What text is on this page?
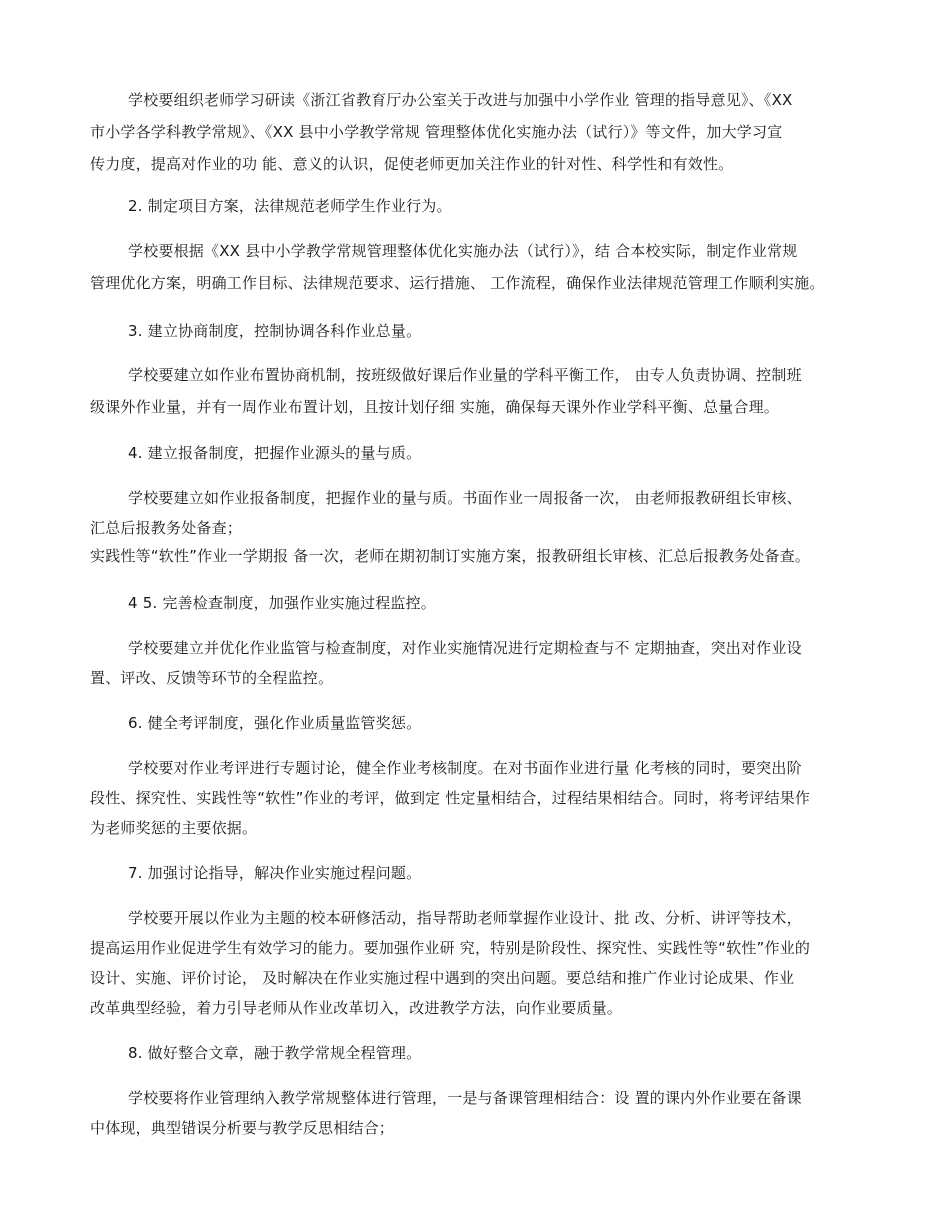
学校要组织老师学习研读《浙江省教育厅办公室关于改进与加强中小学作业 管理的指导意见》、《XX
市小学各学科教学常规》、《XX 县中小学教学常规 管理整体优化实施办法（试行）》等文件，加大学习宣
传力度，提高对作业的功 能、意义的认识，促使老师更加关注作业的针对性、科学性和有效性。
2. 制定项目方案，法律规范老师学生作业行为。
学校要根据《XX 县中小学教学常规管理整体优化实施办法（试行）》，结 合本校实际，制定作业常规
管理优化方案，明确工作目标、法律规范要求、运行措施、 工作流程，确保作业法律规范管理工作顺利实施。
3. 建立协商制度，控制协调各科作业总量。
学校要建立如作业布置协商机制，按班级做好课后作业量的学科平衡工作， 由专人负责协调、控制班
级课外作业量，并有一周作业布置计划，且按计划仔细 实施，确保每天课外作业学科平衡、总量合理。
4. 建立报备制度，把握作业源头的量与质。
学校要建立如作业报备制度，把握作业的量与质。书面作业一周报备一次， 由老师报教研组长审核、
汇总后报教务处备查；
实践性等“软性”作业一学期报 备一次，老师在期初制订实施方案，报教研组长审核、汇总后报教务处备查。
4 5. 完善检查制度，加强作业实施过程监控。
学校要建立并优化作业监管与检查制度，对作业实施情况进行定期检查与不 定期抽查，突出对作业设
置、评改、反馈等环节的全程监控。
6. 健全考评制度，强化作业质量监管奖惩。
学校要对作业考评进行专题讨论，健全作业考核制度。在对书面作业进行量 化考核的同时，要突出阶
段性、探究性、实践性等“软性”作业的考评，做到定 性定量相结合，过程结果相结合。同时，将考评结果作
为老师奖惩的主要依据。
7. 加强讨论指导，解决作业实施过程问题。
学校要开展以作业为主题的校本研修活动，指导帮助老师掌握作业设计、批 改、分析、讲评等技术，
提高运用作业促进学生有效学习的能力。要加强作业研 究，特别是阶段性、探究性、实践性等“软性”作业的
设计、实施、评价讨论， 及时解决在作业实施过程中遇到的突出问题。要总结和推广作业讨论成果、作业
改革典型经验，着力引导老师从作业改革切入，改进教学方法，向作业要质量。
8. 做好整合文章，融于教学常规全程管理。
学校要将作业管理纳入教学常规整体进行管理，一是与备课管理相结合：设 置的课内外作业要在备课
中体现，典型错误分析要与教学反思相结合；
